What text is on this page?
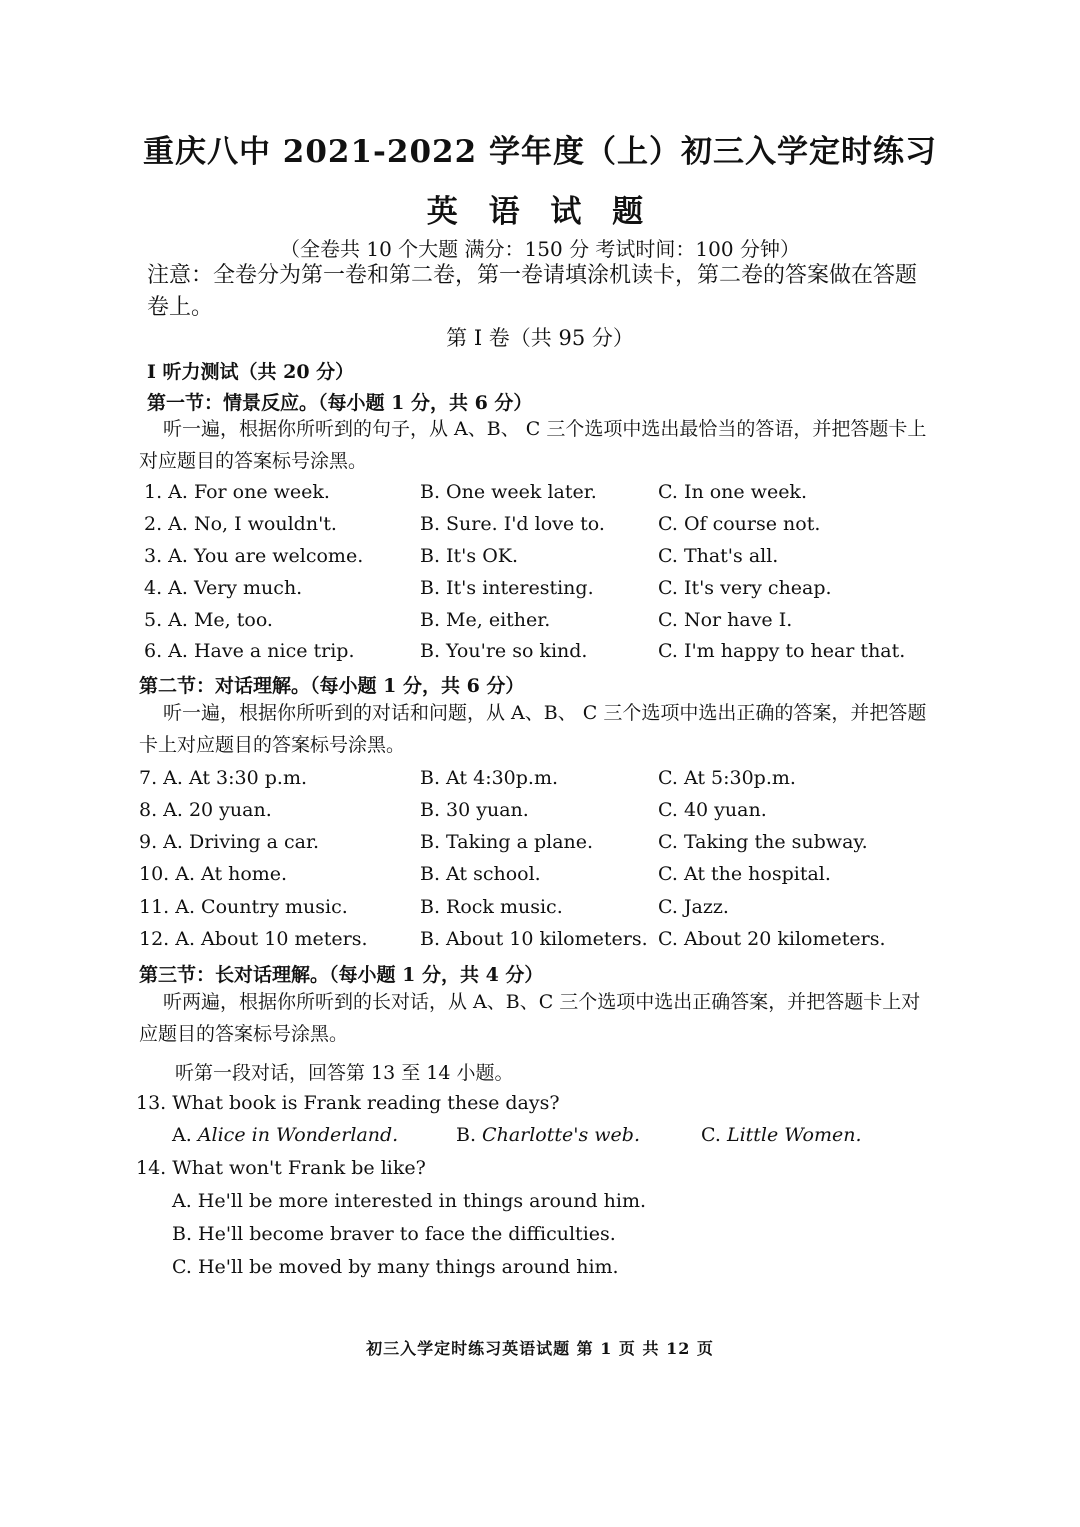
重庆八中 2021-2022 学年度（上）初三入学定时练习
英 语 试 题
（全卷共 10 个大题 满分：150 分 考试时间：100 分钟）
注意：全卷分为第一卷和第二卷，第一卷请填涂机读卡，第二卷的答案做在答题卷上。
第 I 卷（共 95 分）
I 听力测试（共 20 分）
第一节：情景反应。（每小题 1 分，共 6 分）
听一遍，根据你所听到的句子，从 A、B、 C 三个选项中选出最恰当的答语，并把答题卡上对应题目的答案标号涂黑。
1. A. For one week.	B. One week later.	C. In one week.
2. A. No, I wouldn't.	B. Sure. I'd love to.	C. Of course not.
3. A. You are welcome.	B. It's OK.	C. That's all.
4. A. Very much.	B. It's interesting.	C. It's very cheap.
5. A. Me, too.	B. Me, either.	C. Nor have I.
6. A. Have a nice trip.	B. You're so kind.	C. I'm happy to hear that.
第二节：对话理解。（每小题 1 分，共 6 分）
听一遍，根据你所听到的对话和问题，从 A、B、 C 三个选项中选出正确的答案，并把答题卡上对应题目的答案标号涂黑。
7. A. At 3:30 p.m.	B. At 4:30p.m.	C. At 5:30p.m.
8. A. 20 yuan.	B. 30 yuan.	C. 40 yuan.
9. A. Driving a car.	B. Taking a plane.	C. Taking the subway.
10. A. At home.	B. At school.	C. At the hospital.
11. A. Country music.	B. Rock music.	C. Jazz.
12. A. About 10 meters.	B. About 10 kilometers. C. About 20 kilometers.
第三节：长对话理解。（每小题 1 分，共 4 分）
听两遍，根据你所听到的长对话，从 A、B、C 三个选项中选出正确答案，并把答题卡上对应题目的答案标号涂黑。
听第一段对话，回答第 13 至 14 小题。
13. What book is Frank reading these days?
A. Alice in Wonderland.	B. Charlotte's web.	C. Little Women.
14. What won't Frank be like?
A. He'll be more interested in things around him.
B. He'll become braver to face the difficulties.
C. He'll be moved by many things around him.
初三入学定时练习英语试题 第 1 页 共 12 页
